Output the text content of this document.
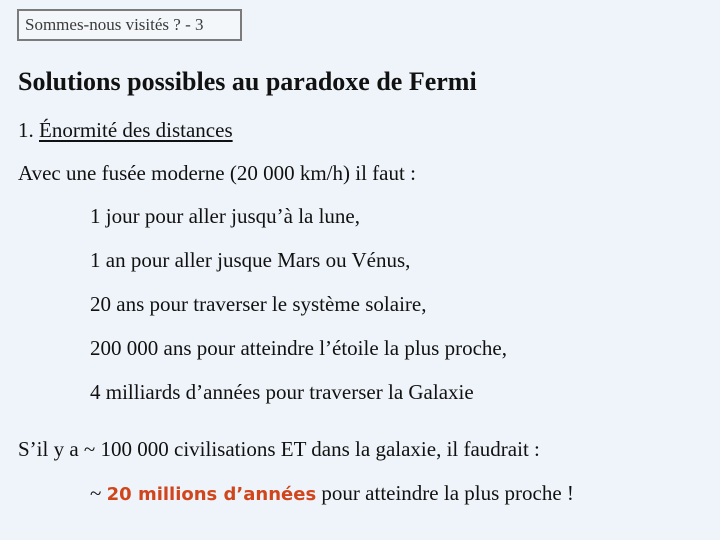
Sommes-nous visités ? - 3
Solutions possibles au paradoxe de Fermi
1. Énormité des distances
Avec une fusée moderne (20 000 km/h) il faut :
1 jour pour aller jusqu’à la lune,
1 an pour aller jusque Mars ou Vénus,
20 ans pour traverser le système solaire,
200 000 ans pour atteindre l’étoile la plus proche,
4 milliards d’années pour traverser la Galaxie
S’il y a ~ 100 000 civilisations ET dans la galaxie, il faudrait :
~ 20 millions d’années pour atteindre la plus proche !
